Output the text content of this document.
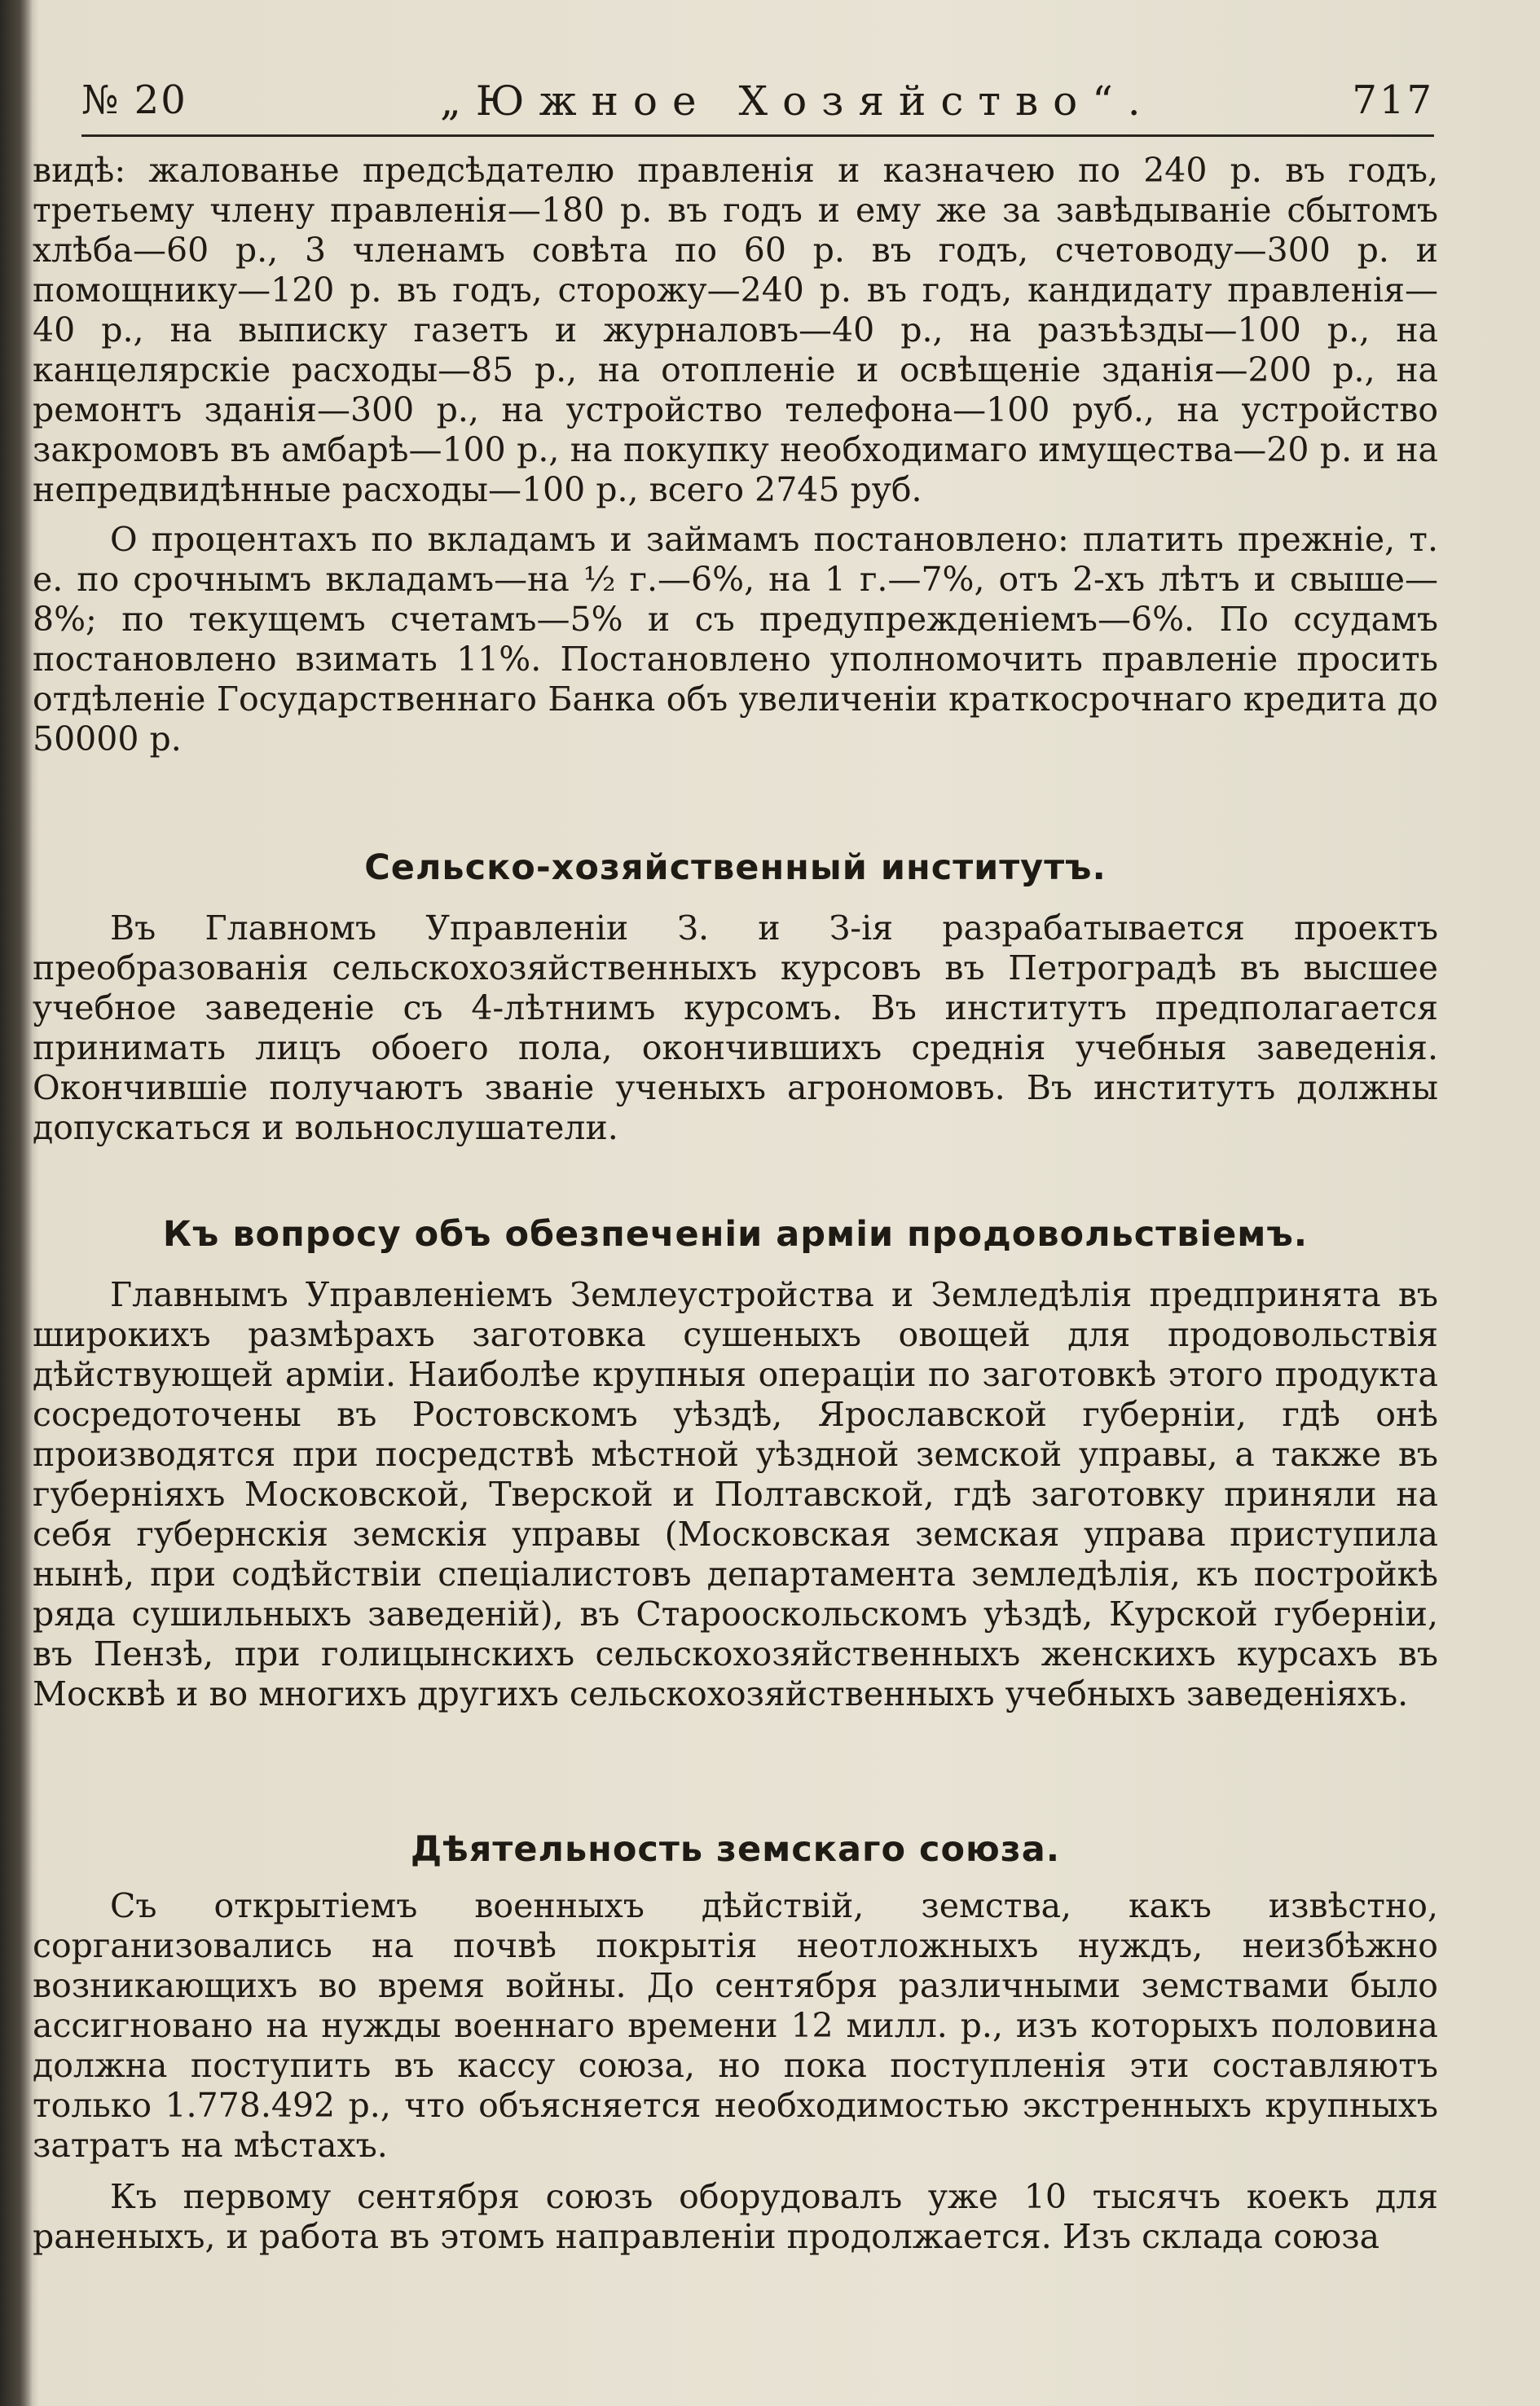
№ 20	„Южное Хозяйство“.	717

видѣ: жалованье предсѣдателю правленія и казначею по 240 р. въ годъ, третьему члену правленія—180 р. въ годъ и ему же за завѣдываніе сбытомъ хлѣба—60 р., 3 членамъ совѣта по 60 р. въ годъ, счетоводу—300 р. и помощнику—120 р. въ годъ, сторожу—240 р. въ годъ, кандидату правленія—40 р., на выписку газетъ и журналовъ—40 р., на разъѣзды—100 р., на канцелярскіе расходы—85 р., на отопленіе и освѣщеніе зданія—200 р., на ремонтъ зданія—300 р., на устройство телефона—100 руб., на устройство закромовъ въ амбарѣ—100 р., на покупку необходимаго имущества—20 р. и на непредвидѣнные расходы—100 р., всего 2745 руб.

О процентахъ по вкладамъ и займамъ постановлено: платить прежніе, т. е. по срочнымъ вкладамъ—на ½ г.—6%, на 1 г.—7%, отъ 2-хъ лѣтъ и свыше—8%; по текущемъ счетамъ—5% и съ предупрежденіемъ—6%. По ссудамъ постановлено взимать 11%. Постановлено уполномочить правленіе просить отдѣленіе Государственнаго Банка объ увеличеніи краткосрочнаго кредита до 50000 р.

Сельско-хозяйственный институтъ.

Въ Главномъ Управленіи З. и З-ія разрабатывается проектъ преобразованія сельскохозяйственныхъ курсовъ въ Петроградѣ въ высшее учебное заведеніе съ 4-лѣтнимъ курсомъ. Въ институтъ предполагается принимать лицъ обоего пола, окончившихъ среднія учебныя заведенія. Окончившіе получаютъ званіе ученыхъ агрономовъ. Въ институтъ должны допускаться и вольнослушатели.

Къ вопросу объ обезпеченіи арміи продовольствіемъ.

Главнымъ Управленіемъ Землеустройства и Земледѣлія предпринята въ широкихъ размѣрахъ заготовка сушеныхъ овощей для продовольствія дѣйствующей арміи. Наиболѣе крупныя операціи по заготовкѣ этого продукта сосредоточены въ Ростовскомъ уѣздѣ, Ярославской губерніи, гдѣ онѣ производятся при посредствѣ мѣстной уѣздной земской управы, а также въ губерніяхъ Московской, Тверской и Полтавской, гдѣ заготовку приняли на себя губернскія земскія управы (Московская земская управа приступила нынѣ, при содѣйствіи спеціалистовъ департамента земледѣлія, къ постройкѣ ряда сушильныхъ заведеній), въ Старооскольскомъ уѣздѣ, Курской губерніи, въ Пензѣ, при голицынскихъ сельскохозяйственныхъ женскихъ курсахъ въ Москвѣ и во многихъ другихъ сельскохозяйственныхъ учебныхъ заведеніяхъ.

Дѣятельность земскаго союза.

Съ открытіемъ военныхъ дѣйствій, земства, какъ извѣстно, сорганизовались на почвѣ покрытія неотложныхъ нуждъ, неизбѣжно возникающихъ во время войны. До сентября различными земствами было ассигновано на нужды военнаго времени 12 милл. р., изъ которыхъ половина должна поступить въ кассу союза, но пока поступленія эти составляютъ только 1.778.492 р., что объясняется необходимостью экстренныхъ крупныхъ затратъ на мѣстахъ.

Къ первому сентября союзъ оборудовалъ уже 10 тысячъ коекъ для раненыхъ, и работа въ этомъ направленіи продолжается. Изъ склада союза
